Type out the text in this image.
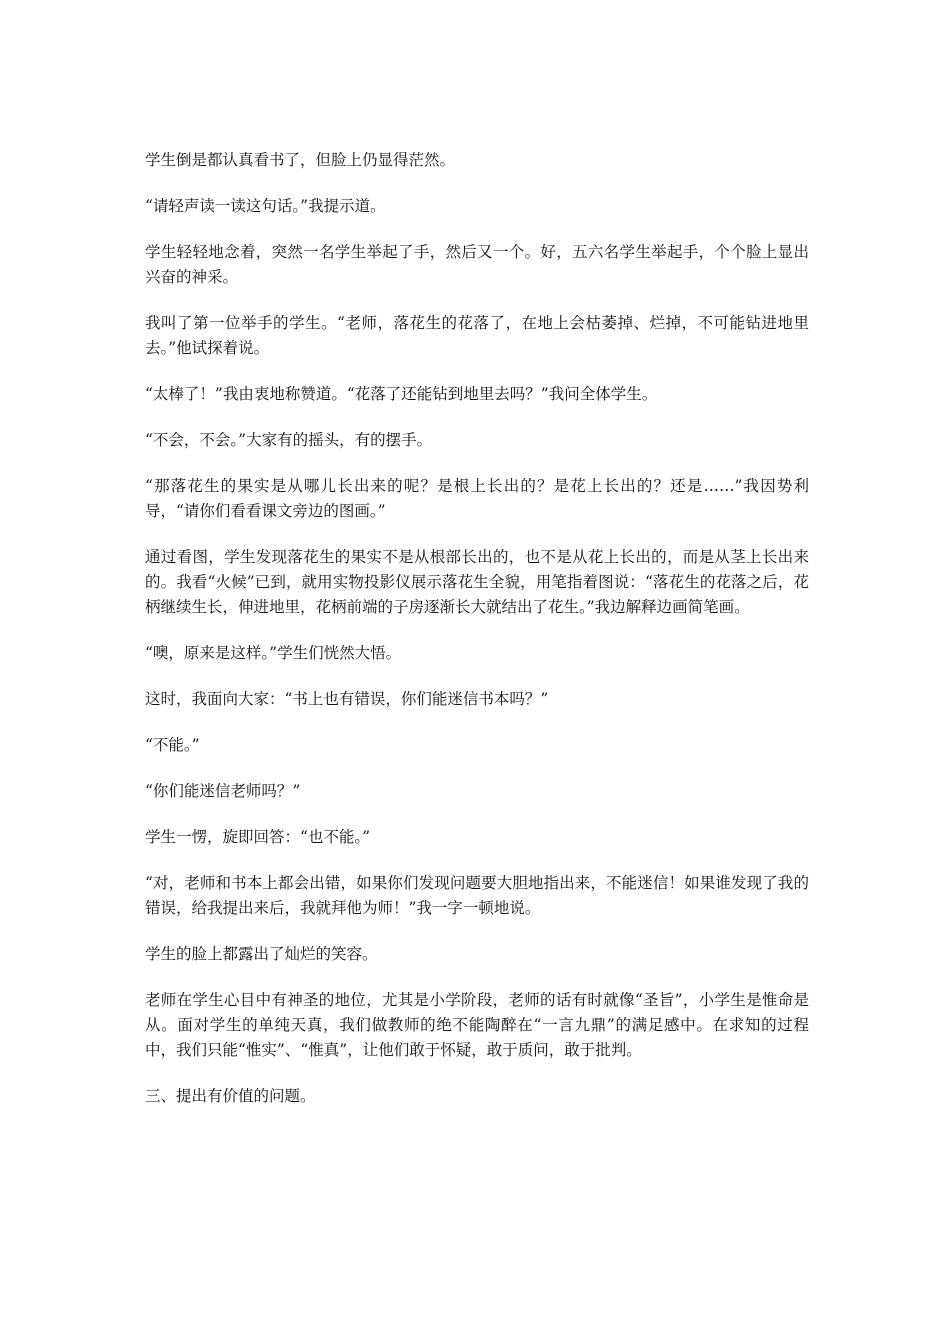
学生倒是都认真看书了，但脸上仍显得茫然。

“请轻声读一读这句话。”我提示道。

学生轻轻地念着，突然一名学生举起了手，然后又一个。好，五六名学生举起手，个个脸上显出兴奋的神采。

我叫了第一位举手的学生。“老师，落花生的花落了，在地上会枯萎掉、烂掉，不可能钻进地里去。”他试探着说。

“太棒了！”我由衷地称赞道。“花落了还能钻到地里去吗？”我问全体学生。

“不会，不会。”大家有的摇头，有的摆手。

“那落花生的果实是从哪儿长出来的呢？是根上长出的？是花上长出的？还是……”我因势利导，“请你们看看课文旁边的图画。”

通过看图，学生发现落花生的果实不是从根部长出的，也不是从花上长出的，而是从茎上长出来的。我看“火候”已到，就用实物投影仪展示落花生全貌，用笔指着图说：“落花生的花落之后，花柄继续生长，伸进地里，花柄前端的子房逐渐长大就结出了花生。”我边解释边画简笔画。

“噢，原来是这样。”学生们恍然大悟。

这时，我面向大家：“书上也有错误，你们能迷信书本吗？”

“不能。”

“你们能迷信老师吗？”

学生一愣，旋即回答：“也不能。”

“对，老师和书本上都会出错，如果你们发现问题要大胆地指出来，不能迷信！如果谁发现了我的错误，给我提出来后，我就拜他为师！”我一字一顿地说。

学生的脸上都露出了灿烂的笑容。

老师在学生心目中有神圣的地位，尤其是小学阶段，老师的话有时就像“圣旨”，小学生是惟命是从。面对学生的单纯天真，我们做教师的绝不能陶醉在“一言九鼎”的满足感中。在求知的过程中，我们只能“惟实”、“惟真”，让他们敢于怀疑，敢于质问，敢于批判。

三、提出有价值的问题。
